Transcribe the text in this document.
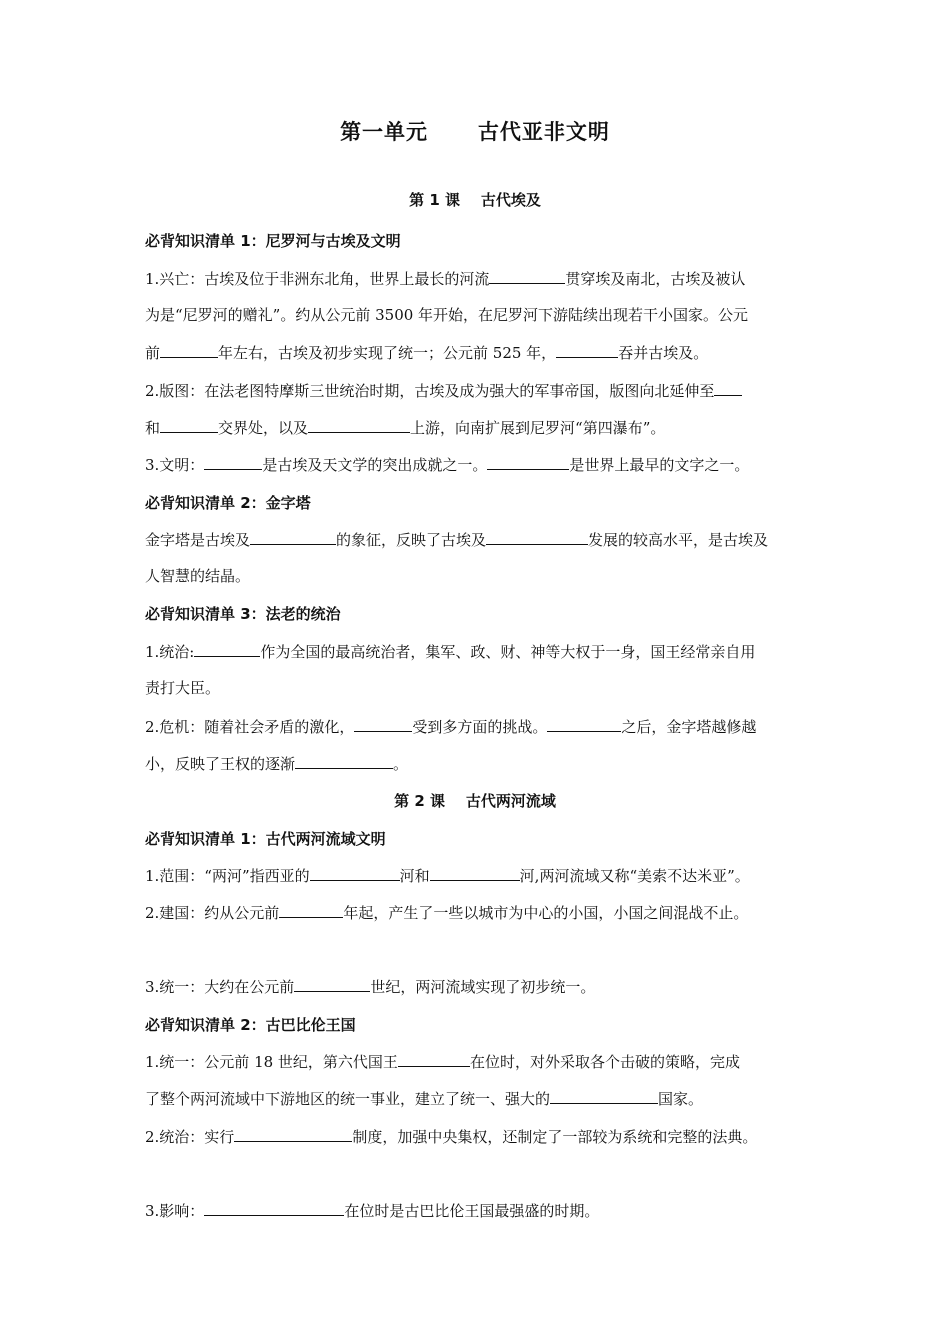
第一单元      古代亚非文明
第 1 课    古代埃及
必背知识清单 1：尼罗河与古埃及文明
1.兴亡：古埃及位于非洲东北角，世界上最长的河流	贯穿埃及南北，古埃及被认
为是“尼罗河的赠礼”。约从公元前 3500 年开始，在尼罗河下游陆续出现若干小国家。公元
前	年左右，古埃及初步实现了统一；公元前 525 年，	吞并古埃及。
2.版图：在法老图特摩斯三世统治时期，古埃及成为强大的军事帝国，版图向北延伸至
和	交界处，以及	上游，向南扩展到尼罗河“第四瀑布”。
3.文明：	是古埃及天文学的突出成就之一。	是世界上最早的文字之一。
必背知识清单 2：金字塔
金字塔是古埃及	的象征，反映了古埃及	发展的较高水平，是古埃及
人智慧的结晶。
必背知识清单 3：法老的统治
1.统治:	作为全国的最高统治者，集军、政、财、神等大权于一身，国王经常亲自用
责打大臣。
2.危机：随着社会矛盾的激化，	受到多方面的挑战。	之后，金字塔越修越
小，反映了王权的逐渐	。
第 2 课    古代两河流域
必背知识清单 1：古代两河流域文明
1.范围：“两河”指西亚的	河和	河,两河流域又称“美索不达米亚”。
2.建国：约从公元前	年起，产生了一些以城市为中心的小国，小国之间混战不止。
3.统一：大约在公元前	世纪，两河流域实现了初步统一。
必背知识清单 2：古巴比伦王国
1.统一：公元前 18 世纪，第六代国王	在位时，对外采取各个击破的策略，完成
了整个两河流域中下游地区的统一事业，建立了统一、强大的	国家。
2.统治：实行	制度，加强中央集权，还制定了一部较为系统和完整的法典。
3.影响：	在位时是古巴比伦王国最强盛的时期。
